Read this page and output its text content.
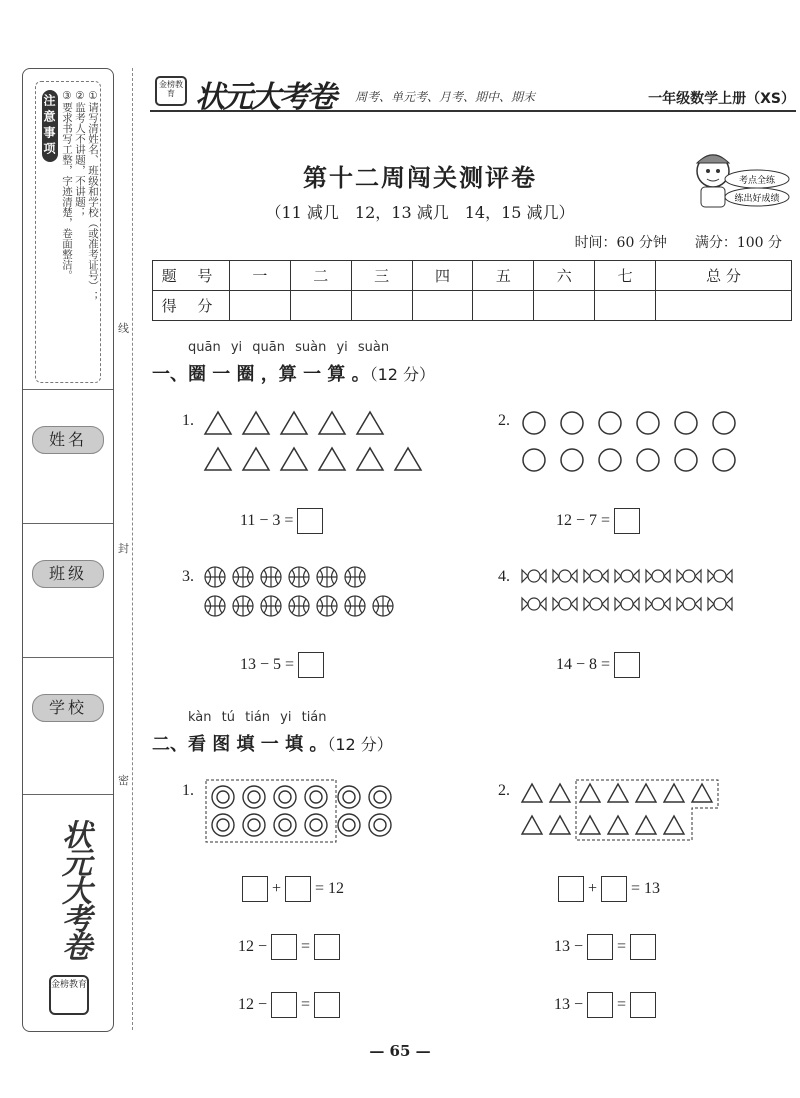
注意事项	①请写清姓名、班级和学校（或准考证号）；
②监考人不讲题，不讲题；
③要求书写工整，字迹清楚，卷面整洁。
姓名
班级
学校
状元大考卷
金榜教育
线
封
密
金榜教育 状元大考卷 周考、单元考、月考、期中、期末	一年级数学上册（XS）
考点全练
练出好成绩
第十二周闯关测评卷
（11 减几　12，13 减几　14，15 减几）
时间：60 分钟 满分：100 分
题 号	一	二	三	四	五	六	七	总 分
得 分								
quān yi quān suàn yi suàn
一、圈 一 圈 ，算 一 算 。（12 分）
1.
11 − 3 =
2.
12 − 7 =
3.
13 − 5 =
4.
14 − 8 =
kàn tú tián yi tián
二、看 图 填 一 填 。（12 分）
1.	2.
+ = 12
12 − =
12 − =
+ = 13
13 − =
13 − =
— 65 —
